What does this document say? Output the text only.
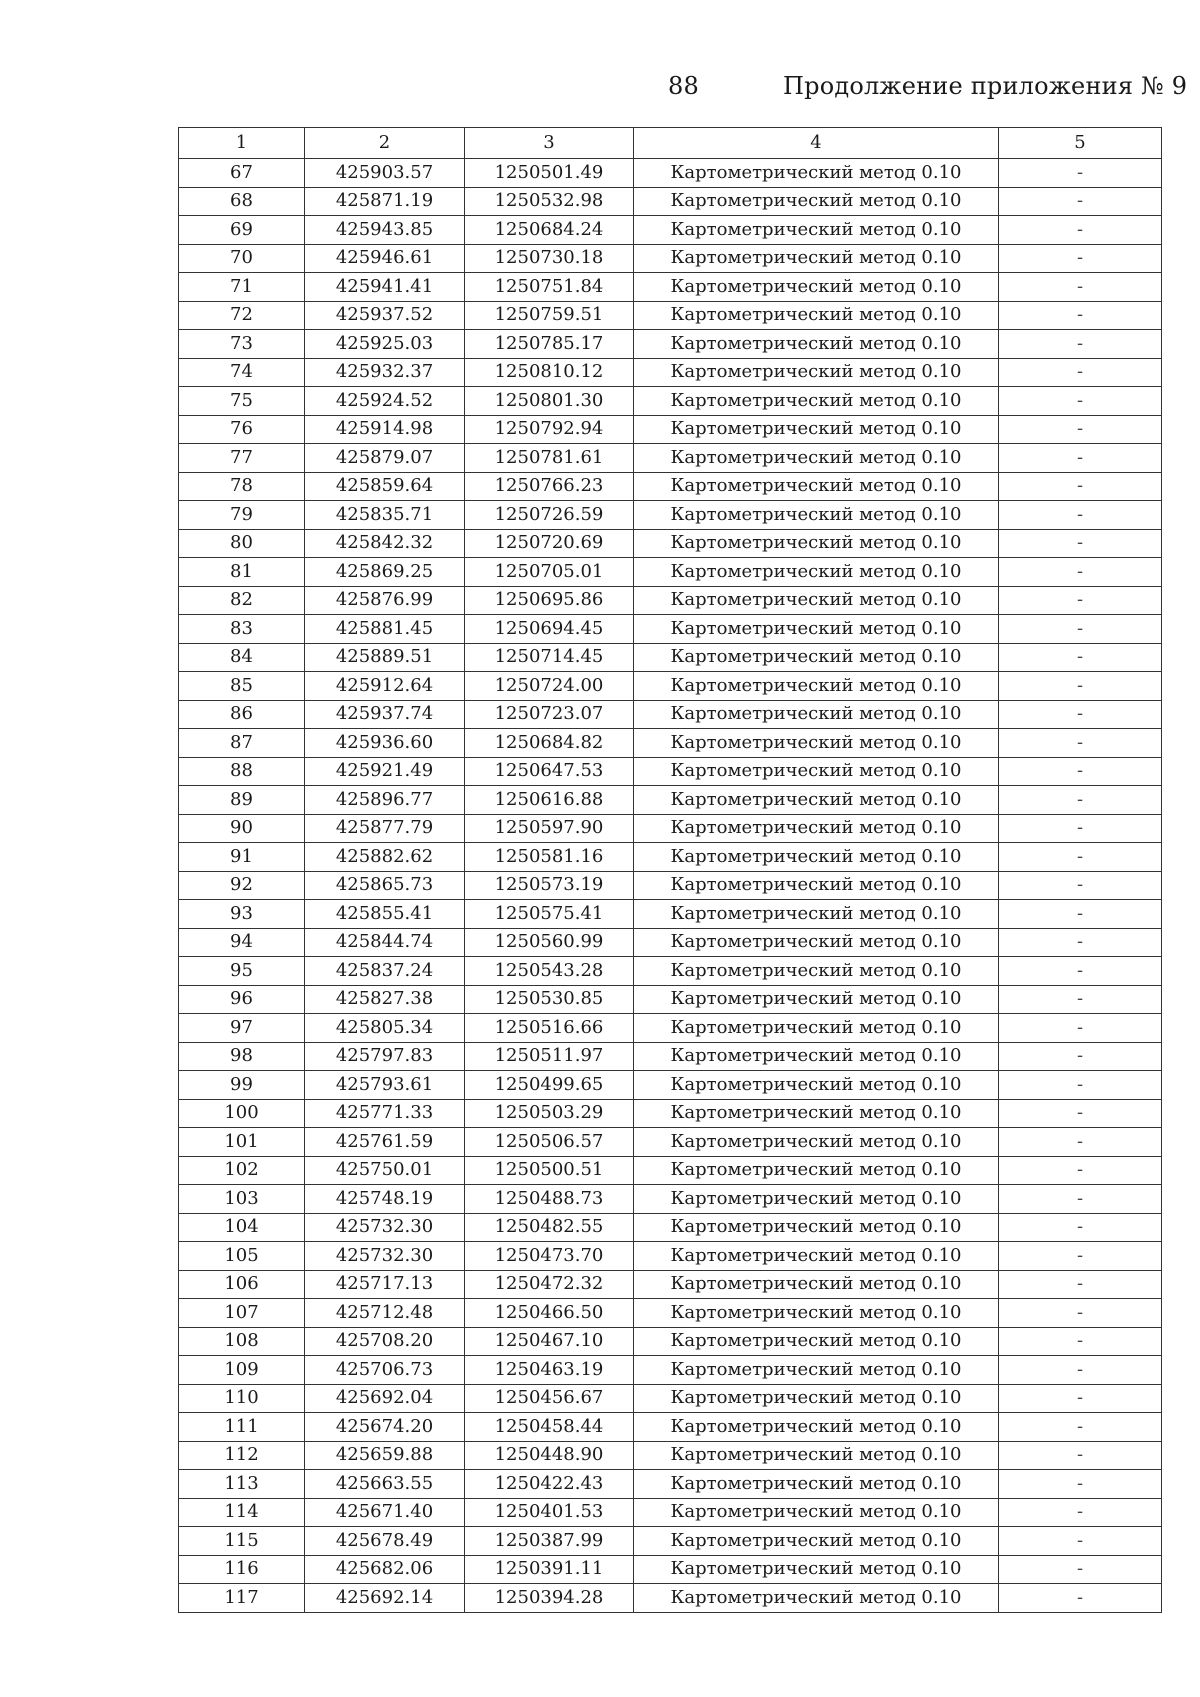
88	Продолжение приложения № 9
1	2	3	4	5
67	425903.57	1250501.49	Картометрический метод 0.10	-
68	425871.19	1250532.98	Картометрический метод 0.10	-
69	425943.85	1250684.24	Картометрический метод 0.10	-
70	425946.61	1250730.18	Картометрический метод 0.10	-
71	425941.41	1250751.84	Картометрический метод 0.10	-
72	425937.52	1250759.51	Картометрический метод 0.10	-
73	425925.03	1250785.17	Картометрический метод 0.10	-
74	425932.37	1250810.12	Картометрический метод 0.10	-
75	425924.52	1250801.30	Картометрический метод 0.10	-
76	425914.98	1250792.94	Картометрический метод 0.10	-
77	425879.07	1250781.61	Картометрический метод 0.10	-
78	425859.64	1250766.23	Картометрический метод 0.10	-
79	425835.71	1250726.59	Картометрический метод 0.10	-
80	425842.32	1250720.69	Картометрический метод 0.10	-
81	425869.25	1250705.01	Картометрический метод 0.10	-
82	425876.99	1250695.86	Картометрический метод 0.10	-
83	425881.45	1250694.45	Картометрический метод 0.10	-
84	425889.51	1250714.45	Картометрический метод 0.10	-
85	425912.64	1250724.00	Картометрический метод 0.10	-
86	425937.74	1250723.07	Картометрический метод 0.10	-
87	425936.60	1250684.82	Картометрический метод 0.10	-
88	425921.49	1250647.53	Картометрический метод 0.10	-
89	425896.77	1250616.88	Картометрический метод 0.10	-
90	425877.79	1250597.90	Картометрический метод 0.10	-
91	425882.62	1250581.16	Картометрический метод 0.10	-
92	425865.73	1250573.19	Картометрический метод 0.10	-
93	425855.41	1250575.41	Картометрический метод 0.10	-
94	425844.74	1250560.99	Картометрический метод 0.10	-
95	425837.24	1250543.28	Картометрический метод 0.10	-
96	425827.38	1250530.85	Картометрический метод 0.10	-
97	425805.34	1250516.66	Картометрический метод 0.10	-
98	425797.83	1250511.97	Картометрический метод 0.10	-
99	425793.61	1250499.65	Картометрический метод 0.10	-
100	425771.33	1250503.29	Картометрический метод 0.10	-
101	425761.59	1250506.57	Картометрический метод 0.10	-
102	425750.01	1250500.51	Картометрический метод 0.10	-
103	425748.19	1250488.73	Картометрический метод 0.10	-
104	425732.30	1250482.55	Картометрический метод 0.10	-
105	425732.30	1250473.70	Картометрический метод 0.10	-
106	425717.13	1250472.32	Картометрический метод 0.10	-
107	425712.48	1250466.50	Картометрический метод 0.10	-
108	425708.20	1250467.10	Картометрический метод 0.10	-
109	425706.73	1250463.19	Картометрический метод 0.10	-
110	425692.04	1250456.67	Картометрический метод 0.10	-
111	425674.20	1250458.44	Картометрический метод 0.10	-
112	425659.88	1250448.90	Картометрический метод 0.10	-
113	425663.55	1250422.43	Картометрический метод 0.10	-
114	425671.40	1250401.53	Картометрический метод 0.10	-
115	425678.49	1250387.99	Картометрический метод 0.10	-
116	425682.06	1250391.11	Картометрический метод 0.10	-
117	425692.14	1250394.28	Картометрический метод 0.10	-
